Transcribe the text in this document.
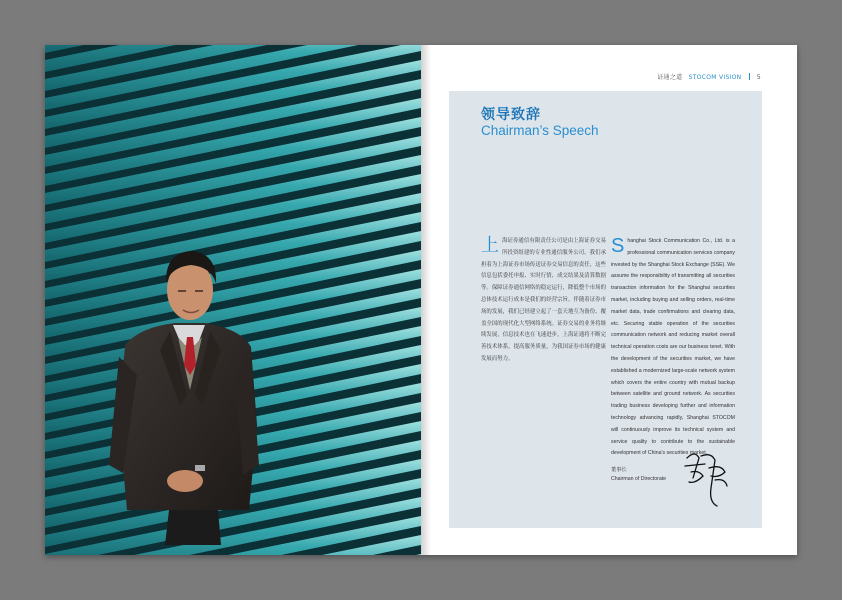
证通之道 STOCOM VISION	5
领导致辞
Chairman’s Speech
上海证券通信有限责任公司是由上海证券交易所投资组建的专业性通信服务公司。我们承担着为上海证券市场传送证券交易信息的责任，这些信息包括委托申报、实时行情、成交结果及清算数据等。保障证券通信网络的稳定运行，降低整个市场的总体技术运行成本是我们的经营宗旨。伴随着证券市场的发展，我们已经建立起了一套天地互为备份、覆盖全国的现代化大型网络系统。证券交易的业务将继续发展，信息技术也在飞速进步，上海证通将不断完善技术体系，提高服务质量，为我国证券市场的健康发展而努力。
Shanghai Stock Communication Co., Ltd. is a professional communication services company invested by the Shanghai Stock Exchange (SSE). We assume the responsibility of transmitting all securities transaction information for the Shanghai securities market, including buying and selling orders, real-time market data, trade confirmations and clearing data, etc. Securing stable operation of the securities communication network and reducing market overall technical operation costs are our business tenet. With the development of the securities market, we have established a modernized large-scale network system which covers the entire country with mutual backup between satellite and ground network. As securities trading business developing further and information technology advancing rapidly, Shanghai STOCOM will continuously improve its technical system and service quality to contribute to the sustainable development of China's securities market.
董事长
Chairman of Directorate
